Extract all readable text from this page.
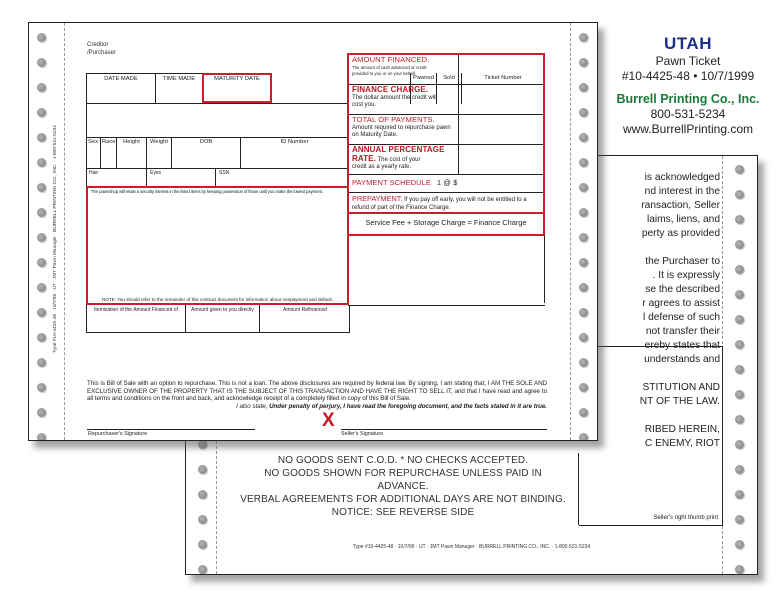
is acknowledged
nd interest in the
ransaction, Seller
laims, liens, and
perty as provided
the Purchaser to
. It is expressly
se the described
r agrees to assist
l defense of such
not transfer their
ereby states that
understands and
STITUTION AND
NT OF THE LAW.
RIBED HEREIN,
C ENEMY, RIOT
NO GOODS SENT C.O.D. * NO CHECKS ACCEPTED.
NO GOODS SHOWN FOR REPURCHASE UNLESS PAID IN ADVANCE.
VERBAL AGREEMENTS FOR ADDITIONAL DAYS ARE NOT BINDING.
NOTICE: SEE REVERSE SIDE	Seller's right thumb print
Type #10-4425-48 · 10/7/99 · UT · JMT Pawn Manager · BURRELL PRINTING CO., INC. · 1-800-531-5234
Type #10-4425-48 · 10/7/99 · UT · JMT Pawn Manager · BURRELL PRINTING CO., INC. · 1-800-531-5234
Creditor
/Purchaser
DATE MADE	TIME MADE	MATURITY DATE	Pawned	Sold	Ticket Number
Sex Race	Height	Weight	DOB	ID Number
Hair	Eyes	SSN
The pawnshop will retain a security interest in the listed items by keeping possession of those until you make the lowest payment.
NOTE: You should refer to the remainder of this contract document for information about nonpayment and default.
AMOUNT FINANCED.
The amount of cash advanced or credit provided to you or on your behalf.
FINANCE CHARGE.
The dollar amount the credit will cost you.
TOTAL OF PAYMENTS.
Amount required to repurchase pawn on Maturity Date.
ANNUAL PERCENTAGE
RATE. The cost of your
credit as a yearly rate.
PAYMENT SCHEDULE 1 @ $
PREPAYMENT: If you pay off early, you will not be entitled to a refund of part of the Finance Charge.
Service Fee + Storage Charge = Finance Charge
Itemization of the Amount Financed of	Amount given to you directly	Amount Refinanced
This is Bill of Sale with an option to repurchase. This is not a loan. The above disclosures are required by federal law. By signing, I am stating that, I AM THE SOLE AND EXCLUSIVE OWNER OF THE PROPERTY THAT IS THE SUBJECT OF THIS TRANSACTION AND HAVE THE RIGHT TO SELL IT, and that I have read and agree to all terms and conditions on the front and back, and acknowledge receipt of a completely filled in copy of this Bill of Sale.
I also state, Under penalty of perjury, I have read the foregoing document, and the facts stated in it are true.
Repurchaser's Signature
X
Seller's Signature
UTAH
Pawn Ticket
#10-4425-48 • 10/7/1999
Burrell Printing Co., Inc.
800-531-5234
www.BurrellPrinting.com
